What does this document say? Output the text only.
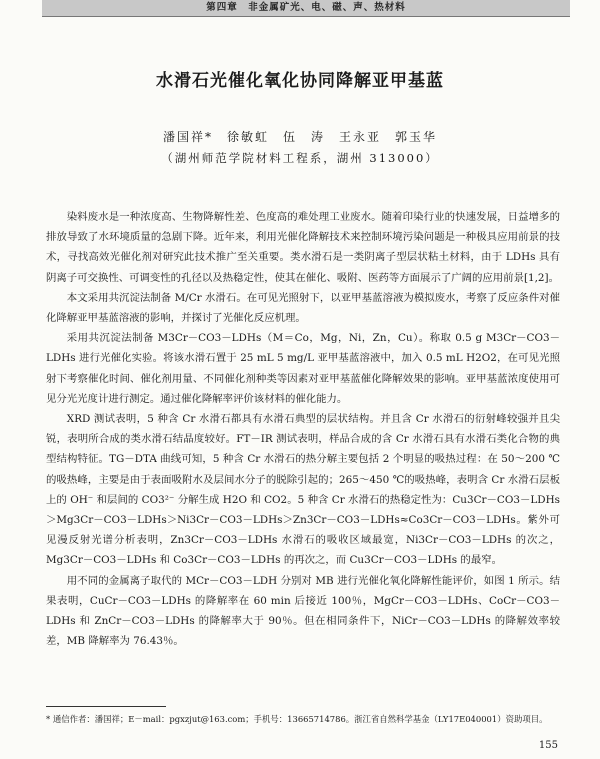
第四章　非金属矿光、电、磁、声、热材料
水滑石光催化氧化协同降解亚甲基蓝
潘国祥*　徐敏虹　伍　涛　王永亚　郭玉华
（湖州师范学院材料工程系，湖州 313000）

染料废水是一种浓度高、生物降解性差、色度高的难处理工业废水。随着印染行业的快速发展，日益增多的排放导致了水环境质量的急剧下降。近年来，利用光催化降解技术来控制环境污染问题是一种极具应用前景的技术，寻找高效光催化剂对研究此技术推广至关重要。类水滑石是一类阴离子型层状粘土材料，由于 LDHs 具有阴离子可交换性、可调变性的孔径以及热稳定性，使其在催化、吸附、医药等方面展示了广阔的应用前景[1,2]。

本文采用共沉淀法制备 M/Cr 水滑石。在可见光照射下，以亚甲基蓝溶液为模拟废水，考察了反应条件对催化降解亚甲基蓝溶液的影响，并探讨了光催化反应机理。

采用共沉淀法制备 M3Cr－CO3－LDHs（M＝Co，Mg，Ni，Zn，Cu）。称取 0.5 g M3Cr－CO3－LDHs 进行光催化实验。将该水滑石置于 25 mL 5 mg/L 亚甲基蓝溶液中，加入 0.5 mL H2O2，在可见光照射下考察催化时间、催化剂用量、不同催化剂种类等因素对亚甲基蓝催化降解效果的影响。亚甲基蓝浓度使用可见分光光度计进行测定。通过催化降解率评价该材料的催化能力。

XRD 测试表明，5 种含 Cr 水滑石都具有水滑石典型的层状结构。并且含 Cr 水滑石的衍射峰较强并且尖锐，表明所合成的类水滑石结晶度较好。FT－IR 测试表明，样品合成的含 Cr 水滑石具有水滑石类化合物的典型结构特征。TG－DTA 曲线可知，5 种含 Cr 水滑石的热分解主要包括 2 个明显的吸热过程：在 50～200 ℃的吸热峰，主要是由于表面吸附水及层间水分子的脱除引起的；265～450 ℃的吸热峰，表明含 Cr 水滑石层板上的 OH⁻ 和层间的 CO3²⁻ 分解生成 H2O 和 CO2。5 种含 Cr 水滑石的热稳定性为：Cu3Cr－CO3－LDHs＞Mg3Cr－CO3－LDHs＞Ni3Cr－CO3－LDHs＞Zn3Cr－CO3－LDHs≈Co3Cr－CO3－LDHs。紫外可见漫反射光谱分析表明，Zn3Cr－CO3－LDHs 水滑石的吸收区域最宽，Ni3Cr－CO3－LDHs 的次之，Mg3Cr－CO3－LDHs 和 Co3Cr－CO3－LDHs 的再次之，而 Cu3Cr－CO3－LDHs 的最窄。

用不同的金属离子取代的 MCr－CO3－LDH 分别对 MB 进行光催化氧化降解性能评价，如图 1 所示。结果表明，CuCr－CO3－LDHs 的降解率在 60 min 后接近 100％，MgCr－CO3－LDHs、CoCr－CO3－LDHs 和 ZnCr－CO3－LDHs 的降解率大于 90％。但在相同条件下，NiCr－CO3－LDHs 的降解效率较差，MB 降解率为 76.43％。

* 通信作者：潘国祥；E－mail：pgxzjut@163.com；手机号：13665714786。浙江省自然科学基金（LY17E040001）资助项目。
155
